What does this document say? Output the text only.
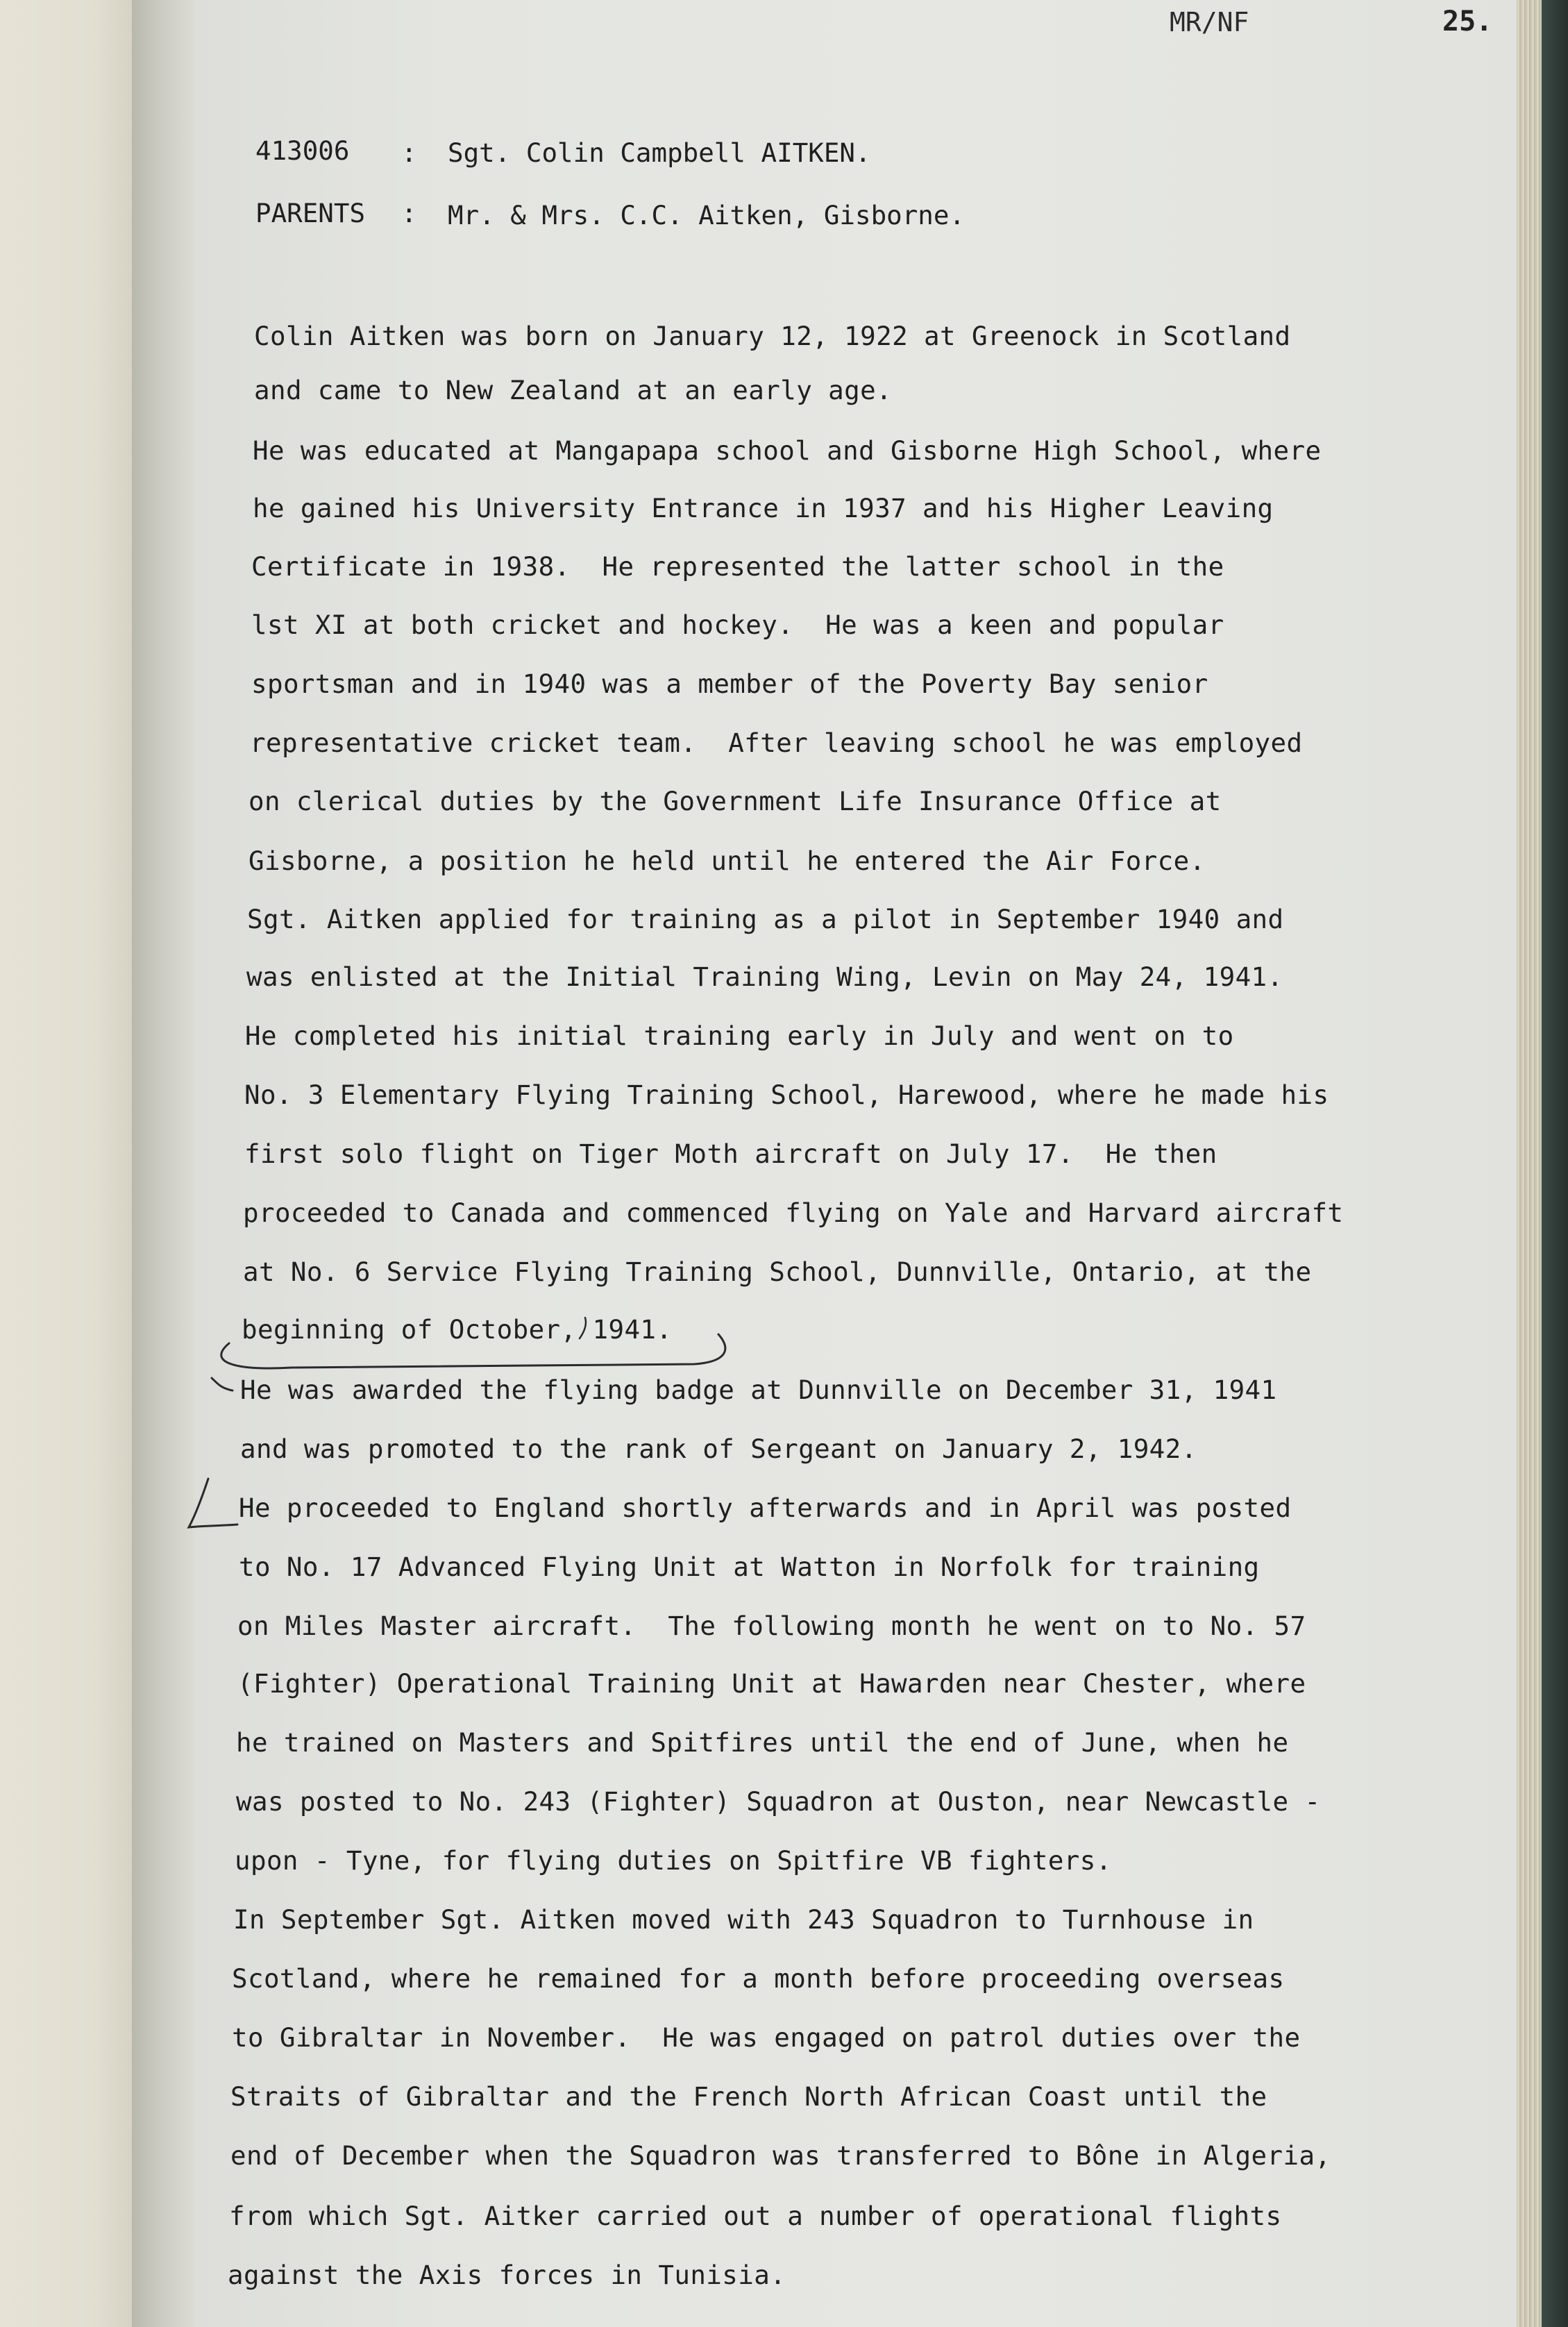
MR/NF	25.
413006 : Sgt. Colin Campbell AITKEN.
PARENTS : Mr. & Mrs. C.C. Aitken, Gisborne.
Colin Aitken was born on January 12, 1922 at Greenock in Scotland
and came to New Zealand at an early age.
He was educated at Mangapapa school and Gisborne High School, where
he gained his University Entrance in 1937 and his Higher Leaving
Certificate in 1938.  He represented the latter school in the
lst XI at both cricket and hockey.  He was a keen and popular
sportsman and in 1940 was a member of the Poverty Bay senior
representative cricket team.  After leaving school he was employed
on clerical duties by the Government Life Insurance Office at
Gisborne, a position he held until he entered the Air Force.
Sgt. Aitken applied for training as a pilot in September 1940 and
was enlisted at the Initial Training Wing, Levin on May 24, 1941.
He completed his initial training early in July and went on to
No. 3 Elementary Flying Training School, Harewood, where he made his
first solo flight on Tiger Moth aircraft on July 17.  He then
proceeded to Canada and commenced flying on Yale and Harvard aircraft
at No. 6 Service Flying Training School, Dunnville, Ontario, at the
beginning of October, 1941.
He was awarded the flying badge at Dunnville on December 31, 1941
and was promoted to the rank of Sergeant on January 2, 1942.
He proceeded to England shortly afterwards and in April was posted
to No. 17 Advanced Flying Unit at Watton in Norfolk for training
on Miles Master aircraft.  The following month he went on to No. 57
(Fighter) Operational Training Unit at Hawarden near Chester, where
he trained on Masters and Spitfires until the end of June, when he
was posted to No. 243 (Fighter) Squadron at Ouston, near Newcastle -
upon - Tyne, for flying duties on Spitfire VB fighters.
In September Sgt. Aitken moved with 243 Squadron to Turnhouse in
Scotland, where he remained for a month before proceeding overseas
to Gibraltar in November.  He was engaged on patrol duties over the
Straits of Gibraltar and the French North African Coast until the
end of December when the Squadron was transferred to Bône in Algeria,
from which Sgt. Aitker carried out a number of operational flights
against the Axis forces in Tunisia.
